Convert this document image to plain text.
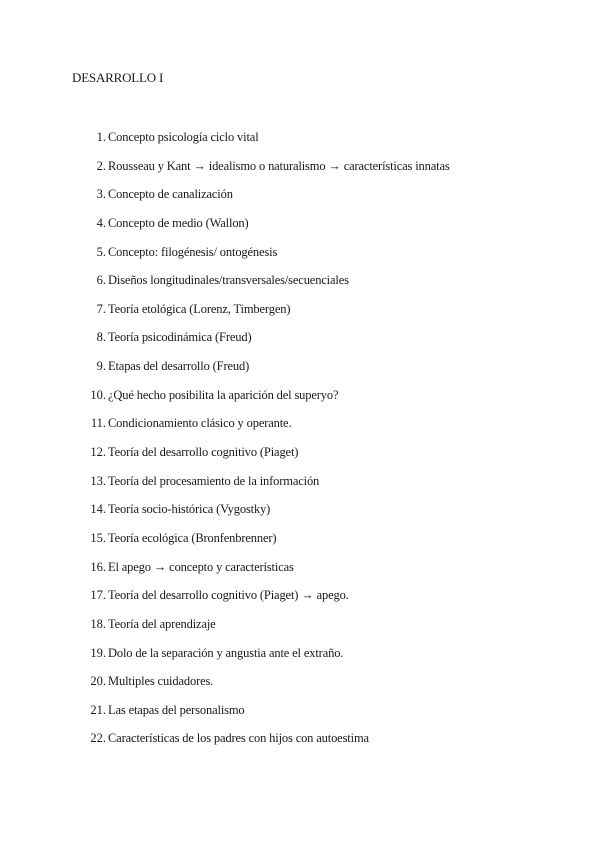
DESARROLLO I
1. Concepto psicología ciclo vital
2. Rousseau y Kant → idealismo o naturalismo → características innatas
3. Concepto de canalización
4. Concepto de medio (Wallon)
5. Concepto: filogénesis/ ontogénesis
6. Diseños longitudinales/transversales/secuenciales
7. Teoría etológica (Lorenz, Timbergen)
8. Teoría psicodinámica (Freud)
9. Etapas del desarrollo (Freud)
10. ¿Qué hecho posibilita la aparición del superyo?
11. Condicionamiento clásico y operante.
12. Teoría del desarrollo cognitivo (Piaget)
13. Teoría del procesamiento de la información
14. Teoría socio-histórica (Vygostky)
15. Teoría ecológica (Bronfenbrenner)
16. El apego → concepto y características
17. Teoría del desarrollo cognitivo (Piaget) → apego.
18. Teoría del aprendizaje
19. Dolo de la separación y angustia ante el extraño.
20. Multiples cuidadores.
21. Las etapas del personalismo
22. Características de los padres con hijos con autoestima
